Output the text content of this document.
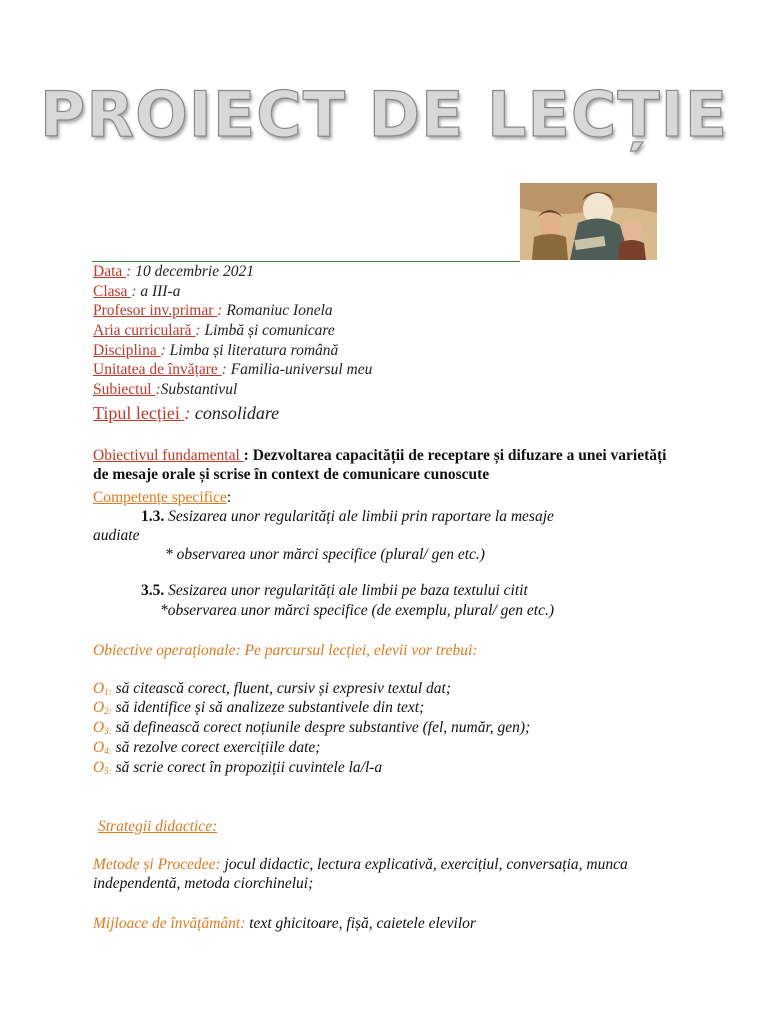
PROIECT DE LECȚIE
Data : 10 decembrie 2021
Clasa : a III-a
Profesor inv.primar : Romaniuc Ionela
Aria curriculară : Limbă și comunicare
Disciplina : Limba și literatura română
Unitatea de învățare : Familia-universul meu
Subiectul :Substantivul
Tipul lecției : consolidare
Obiectivul fundamental : Dezvoltarea capacității de receptare și difuzare a unei varietăți de mesaje orale și scrise în context de comunicare cunoscute
Competențe specifice:
1.3. Sesizarea unor regularități ale limbii prin raportare la mesaje
audiate
* observarea unor mărci specifice (plural/ gen etc.)
3.5. Sesizarea unor regularități ale limbii pe baza textului citit
*observarea unor mărci specifice (de exemplu, plural/ gen etc.)
Obiective operaționale: Pe parcursul lecției, elevii vor trebui:
O1: să citească corect, fluent, cursiv și expresiv textul dat;
O2: să identifice și să analizeze substantivele din text;
O3: să definească corect noțiunile despre substantive (fel, număr, gen);
O4: să rezolve corect exercițiile date;
O5: să scrie corect în propoziții cuvintele la/l-a
Strategii didactice:
Metode și Procedee: jocul didactic, lectura explicativă, exercițiul, conversația, munca independentă, metoda ciorchinelui;
Mijloace de învățământ: text ghicitoare, fișă, caietele elevilor
